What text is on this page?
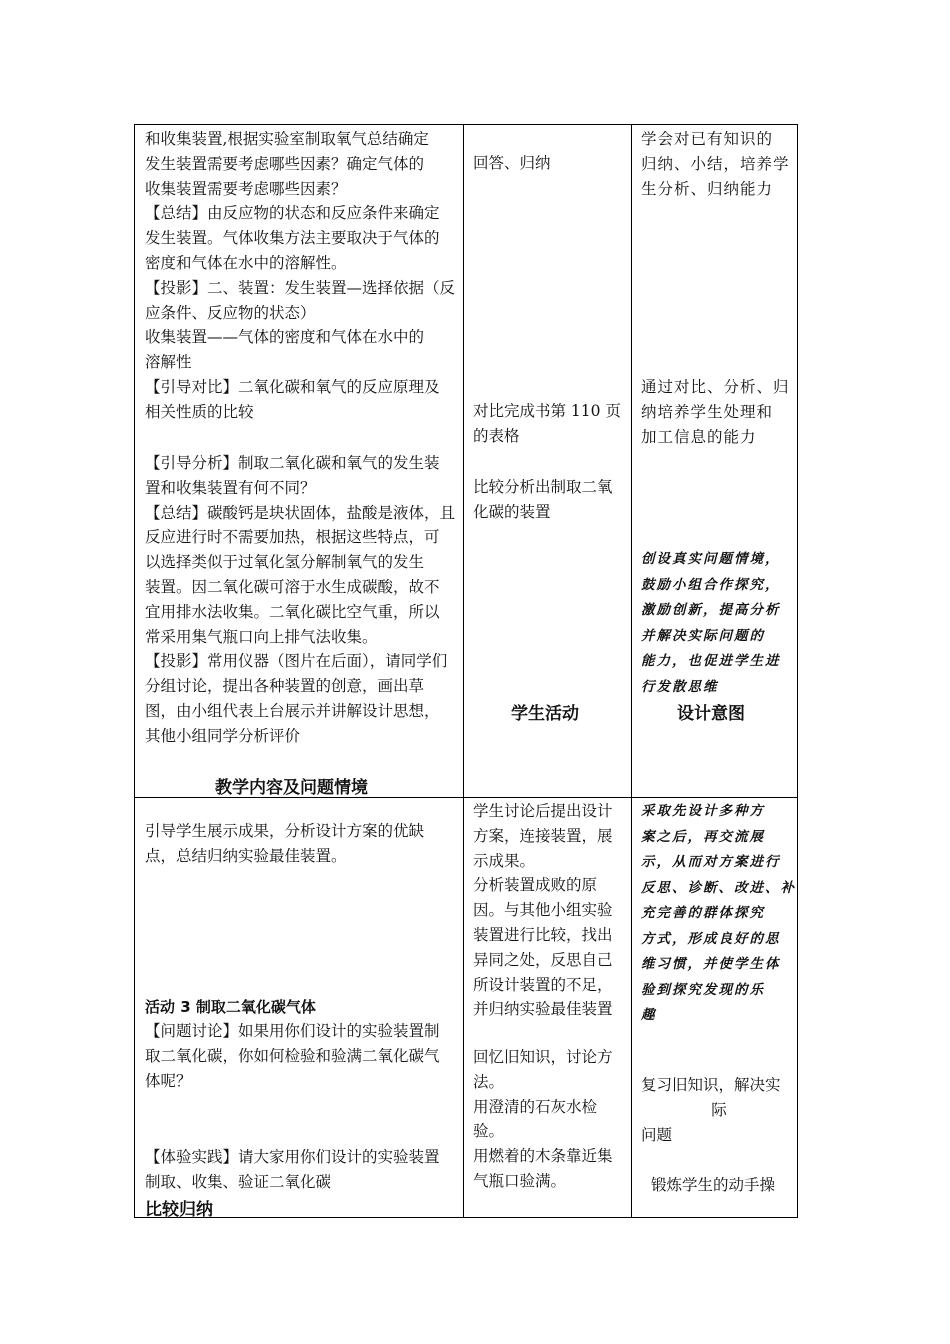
和收集装置,根据实验室制取氧气总结确定

发生装置需要考虑哪些因素？确定气体的

收集装置需要考虑哪些因素？

【总结】由反应物的状态和反应条件来确定

发生装置。气体收集方法主要取决于气体的

密度和气体在水中的溶解性。

【投影】二、装置：发生装置—选择依据（反

应条件、反应物的状态）

收集装置——气体的密度和气体在水中的

溶解性

【引导对比】二氧化碳和氧气的反应原理及

相关性质的比较

【引导分析】制取二氧化碳和氧气的发生装

置和收集装置有何不同？

【总结】碳酸钙是块状固体，盐酸是液体，且

反应进行时不需要加热，根据这些特点，可

以选择类似于过氧化氢分解制氧气的发生

装置。因二氧化碳可溶于水生成碳酸，故不

宜用排水法收集。二氧化碳比空气重，所以

常采用集气瓶口向上排气法收集。

【投影】常用仪器（图片在后面），请同学们

分组讨论，提出各种装置的创意，画出草

图，由小组代表上台展示并讲解设计思想，

其他小组同学分析评价

教学内容及问题情境

回答、归纳

对比完成书第 110 页

的表格

比较分析出制取二氧

化碳的装置

学生活动

学会对已有知识的

归纳、小结，培养学

生分析、归纳能力

通过对比、分析、归

纳培养学生处理和

加工信息的能力

创设真实问题情境，

鼓励小组合作探究，

激励创新，提高分析

并解决实际问题的

能力，也促进学生进

行发散思维

设计意图

引导学生展示成果，分析设计方案的优缺

点，总结归纳实验最佳装置。

活动 3 制取二氧化碳气体

【问题讨论】如果用你们设计的实验装置制

取二氧化碳，你如何检验和验满二氧化碳气

体呢？

【体验实践】请大家用你们设计的实验装置

制取、收集、验证二氧化碳

比较归纳

学生讨论后提出设计

方案，连接装置，展

示成果。

分析装置成败的原

因。与其他小组实验

装置进行比较，找出

异同之处，反思自己

所设计装置的不足，

并归纳实验最佳装置

回忆旧知识，讨论方

法。

用澄清的石灰水检

验。

用燃着的木条靠近集

气瓶口验满。

采取先设计多种方

案之后，再交流展

示，从而对方案进行

反思、诊断、改进、补

充完善的群体探究

方式，形成良好的思

维习惯，并使学生体

验到探究发现的乐

趣

复习旧知识，解决实

际

问题

锻炼学生的动手操
